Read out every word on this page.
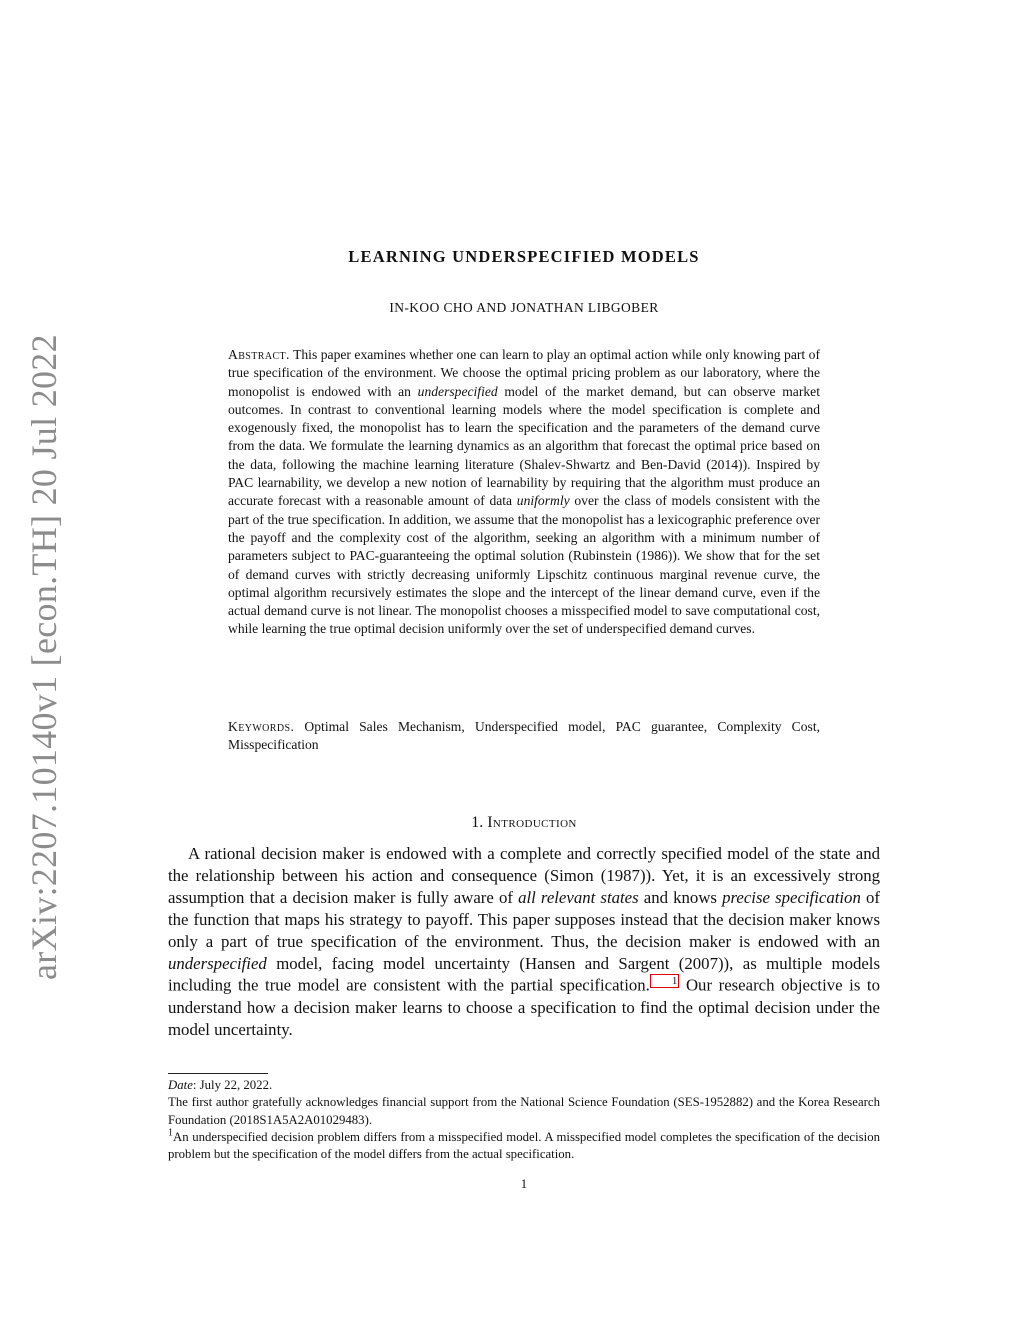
arXiv:2207.10140v1 [econ.TH] 20 Jul 2022
LEARNING UNDERSPECIFIED MODELS
IN-KOO CHO AND JONATHAN LIBGOBER
Abstract. This paper examines whether one can learn to play an optimal action while only knowing part of true specification of the environment. We choose the optimal pricing problem as our laboratory, where the monopolist is endowed with an underspecified model of the market demand, but can observe market outcomes. In contrast to conventional learning models where the model specification is complete and exogenously fixed, the monopolist has to learn the specification and the parameters of the demand curve from the data. We formulate the learning dynamics as an algorithm that forecast the optimal price based on the data, following the machine learning literature (Shalev-Shwartz and Ben-David (2014)). Inspired by PAC learnability, we develop a new notion of learnability by requiring that the algorithm must produce an accurate forecast with a reasonable amount of data uniformly over the class of models consistent with the part of the true specification. In addition, we assume that the monopolist has a lexicographic preference over the payoff and the complexity cost of the algorithm, seeking an algorithm with a minimum number of parameters subject to PAC-guaranteeing the optimal solution (Rubinstein (1986)). We show that for the set of demand curves with strictly decreasing uniformly Lipschitz continuous marginal revenue curve, the optimal algorithm recursively estimates the slope and the intercept of the linear demand curve, even if the actual demand curve is not linear. The monopolist chooses a misspecified model to save computational cost, while learning the true optimal decision uniformly over the set of underspecified demand curves.
Keywords. Optimal Sales Mechanism, Underspecified model, PAC guarantee, Complexity Cost, Misspecification
1. Introduction

A rational decision maker is endowed with a complete and correctly specified model of the state and the relationship between his action and consequence (Simon (1987)). Yet, it is an excessively strong assumption that a decision maker is fully aware of all relevant states and knows precise specification of the function that maps his strategy to payoff. This paper supposes instead that the decision maker knows only a part of true specification of the environment. Thus, the decision maker is endowed with an underspecified model, facing model uncertainty (Hansen and Sargent (2007)), as multiple models including the true model are consistent with the partial specification. 1 Our research objective is to understand how a decision maker learns to choose a specification to find the optimal decision under the model uncertainty.

Date: July 22, 2022.

The first author gratefully acknowledges financial support from the National Science Foundation (SES-1952882) and the Korea Research Foundation (2018S1A5A2A01029483).

$^1$An underspecified decision problem differs from a misspecified model. A misspecified model completes the specification of the decision problem but the specification of the model differs from the actual specification.

1
